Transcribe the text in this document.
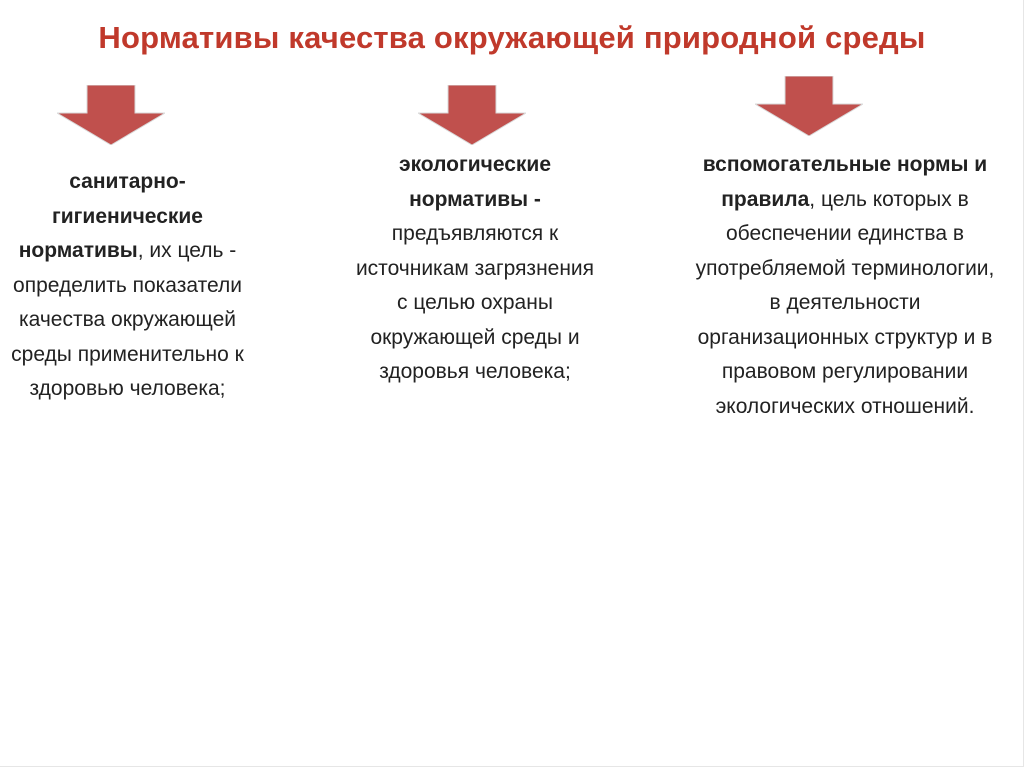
Нормативы качества окружающей природной среды
санитарно-гигиенические нормативы, их цель - определить показатели качества окружающей среды применительно к здоровью человека;
экологические нормативы - предъявляются к источникам загрязнения с целью охраны окружающей среды и здоровья человека;
вспомогательные нормы и правила, цель которых в обеспечении единства в употребляемой терминологии, в деятельности организационных структур и в правовом регулировании экологических отношений.
